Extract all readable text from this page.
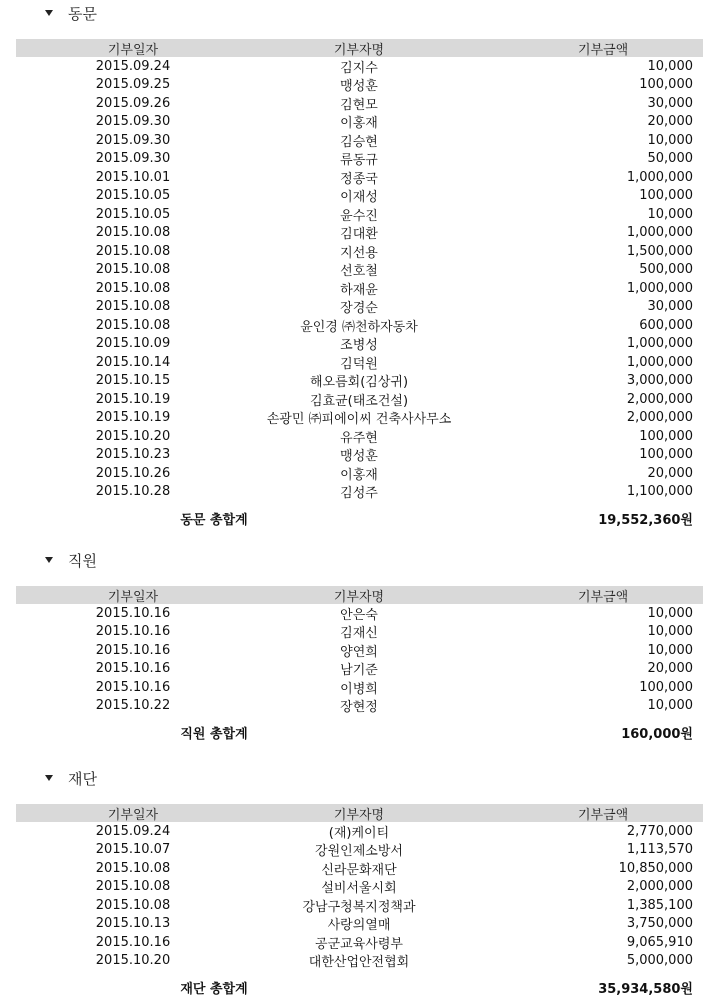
동문
기부일자	기부자명	기부금액
2015.09.24	김지수	10,000
2015.09.25	맹성훈	100,000
2015.09.26	김현모	30,000
2015.09.30	이홍재	20,000
2015.09.30	김승현	10,000
2015.09.30	류동규	50,000
2015.10.01	정종국	1,000,000
2015.10.05	이재성	100,000
2015.10.05	윤수진	10,000
2015.10.08	김대환	1,000,000
2015.10.08	지선용	1,500,000
2015.10.08	선호철	500,000
2015.10.08	하재윤	1,000,000
2015.10.08	장경순	30,000
2015.10.08	윤인경 ㈜천하자동차	600,000
2015.10.09	조병성	1,000,000
2015.10.14	김덕원	1,000,000
2015.10.15	해오름회(김상귀)	3,000,000
2015.10.19	김효균(태조건설)	2,000,000
2015.10.19	손광민 ㈜피에이씨 건축사사무소	2,000,000
2015.10.20	유주현	100,000
2015.10.23	맹성훈	100,000
2015.10.26	이홍재	20,000
2015.10.28	김성주	1,100,000
동문 총합계	19,552,360원
직원
기부일자	기부자명	기부금액
2015.10.16	안은숙	10,000
2015.10.16	김재신	10,000
2015.10.16	양연희	10,000
2015.10.16	남기준	20,000
2015.10.16	이병희	100,000
2015.10.22	장현정	10,000
직원 총합계	160,000원
재단
기부일자	기부자명	기부금액
2015.09.24	(재)케이티	2,770,000
2015.10.07	강원인제소방서	1,113,570
2015.10.08	신라문화재단	10,850,000
2015.10.08	설비서울시회	2,000,000
2015.10.08	강남구청복지정책과	1,385,100
2015.10.13	사랑의열매	3,750,000
2015.10.16	공군교육사령부	9,065,910
2015.10.20	대한산업안전협회	5,000,000
재단 총합계	35,934,580원
